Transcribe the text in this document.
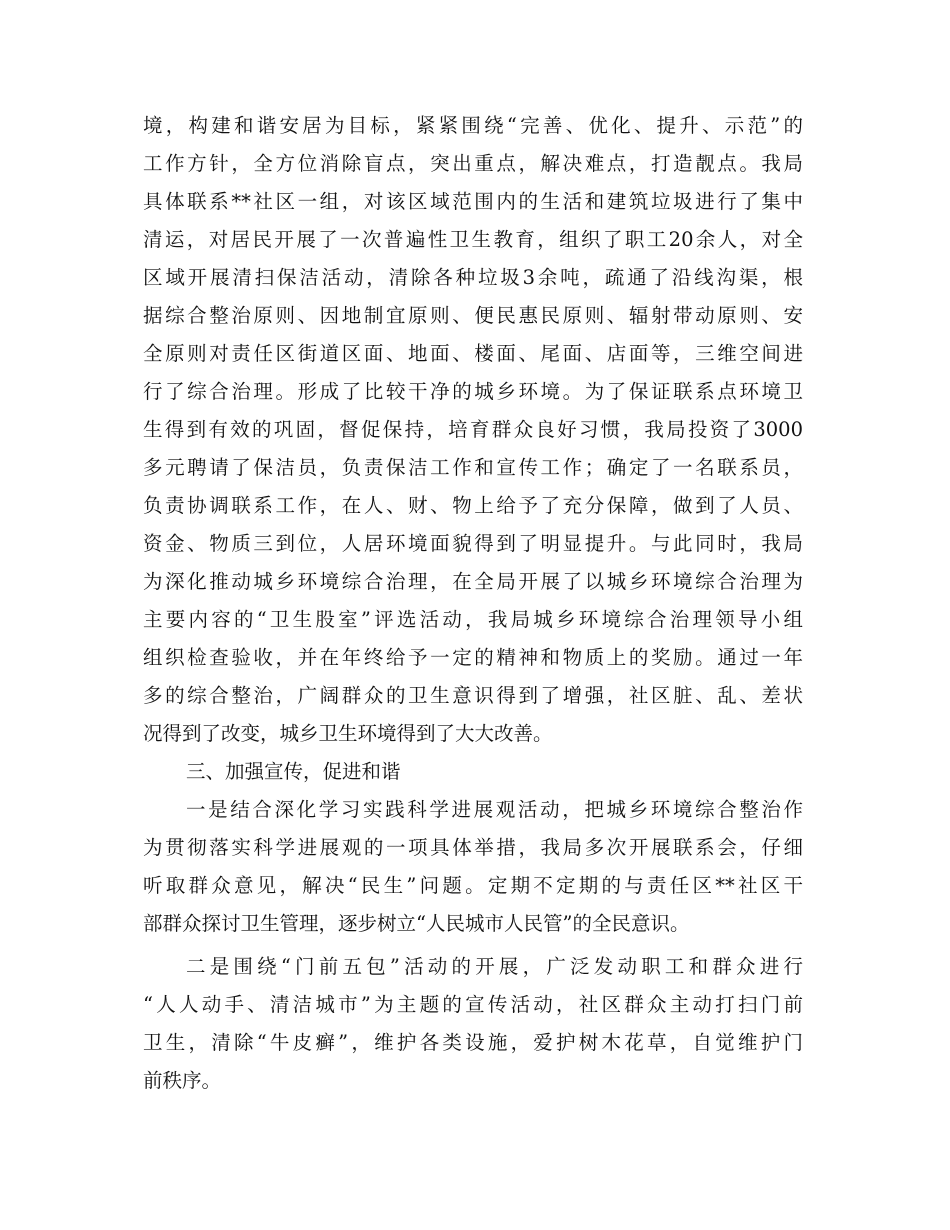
境，构建和谐安居为目标，紧紧围绕“完善、优化、提升、示范”的
工作方针，全方位消除盲点，突出重点，解决难点，打造靓点。我局
具体联系**社区一组，对该区域范围内的生活和建筑垃圾进行了集中
清运，对居民开展了一次普遍性卫生教育，组织了职工20余人，对全
区域开展清扫保洁活动，清除各种垃圾3余吨，疏通了沿线沟渠，根
据综合整治原则、因地制宜原则、便民惠民原则、辐射带动原则、安
全原则对责任区街道区面、地面、楼面、尾面、店面等，三维空间进
行了综合治理。形成了比较干净的城乡环境。为了保证联系点环境卫
生得到有效的巩固，督促保持，培育群众良好习惯，我局投资了3000
多元聘请了保洁员，负责保洁工作和宣传工作；确定了一名联系员，
负责协调联系工作，在人、财、物上给予了充分保障，做到了人员、
资金、物质三到位，人居环境面貌得到了明显提升。与此同时，我局
为深化推动城乡环境综合治理，在全局开展了以城乡环境综合治理为
主要内容的“卫生股室”评选活动，我局城乡环境综合治理领导小组
组织检查验收，并在年终给予一定的精神和物质上的奖励。通过一年
多的综合整治，广阔群众的卫生意识得到了增强，社区脏、乱、差状
况得到了改变，城乡卫生环境得到了大大改善。
三、加强宣传，促进和谐
一是结合深化学习实践科学进展观活动，把城乡环境综合整治作
为贯彻落实科学进展观的一项具体举措，我局多次开展联系会，仔细
听取群众意见，解决“民生”问题。定期不定期的与责任区**社区干
部群众探讨卫生管理，逐步树立“人民城市人民管”的全民意识。
二是围绕“门前五包”活动的开展，广泛发动职工和群众进行
“人人动手、清洁城市”为主题的宣传活动，社区群众主动打扫门前
卫生，清除“牛皮癣”，维护各类设施，爱护树木花草，自觉维护门
前秩序。
